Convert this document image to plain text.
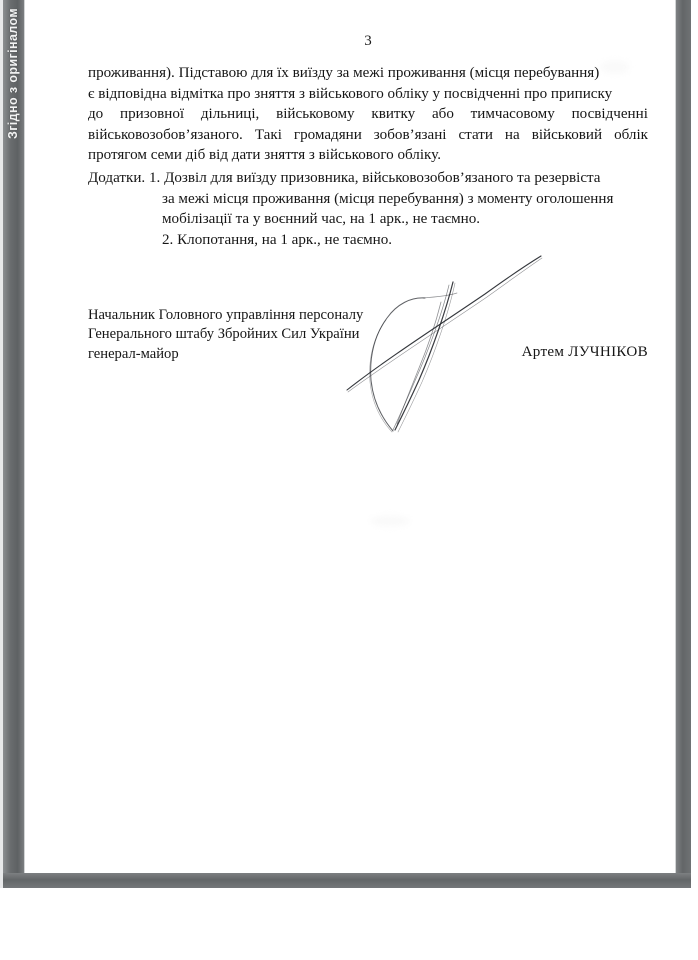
Згідно з оригіналом	3
проживання). Підставою для їх виїзду за межі проживання (місця перебування)
є відповідна відмітка про зняття з військового обліку у посвідченні про приписку
до призовної дільниці, військовому квитку або тимчасовому посвідченні
військовозобов’язаного. Такі громадяни зобов’язані стати на військовий облік
протягом семи діб від дати зняття з військового обліку.
Додатки. 1. Дозвіл для виїзду призовника, військовозобов’язаного та резервіста
за межі місця проживання (місця перебування) з моменту оголошення
мобілізації та у воєнний час, на 1 арк., не таємно.
2. Клопотання, на 1 арк., не таємно.
Начальник Головного управління персоналу
Генерального штабу Збройних Сил України
генерал-майор	Артем ЛУЧНІКОВ
